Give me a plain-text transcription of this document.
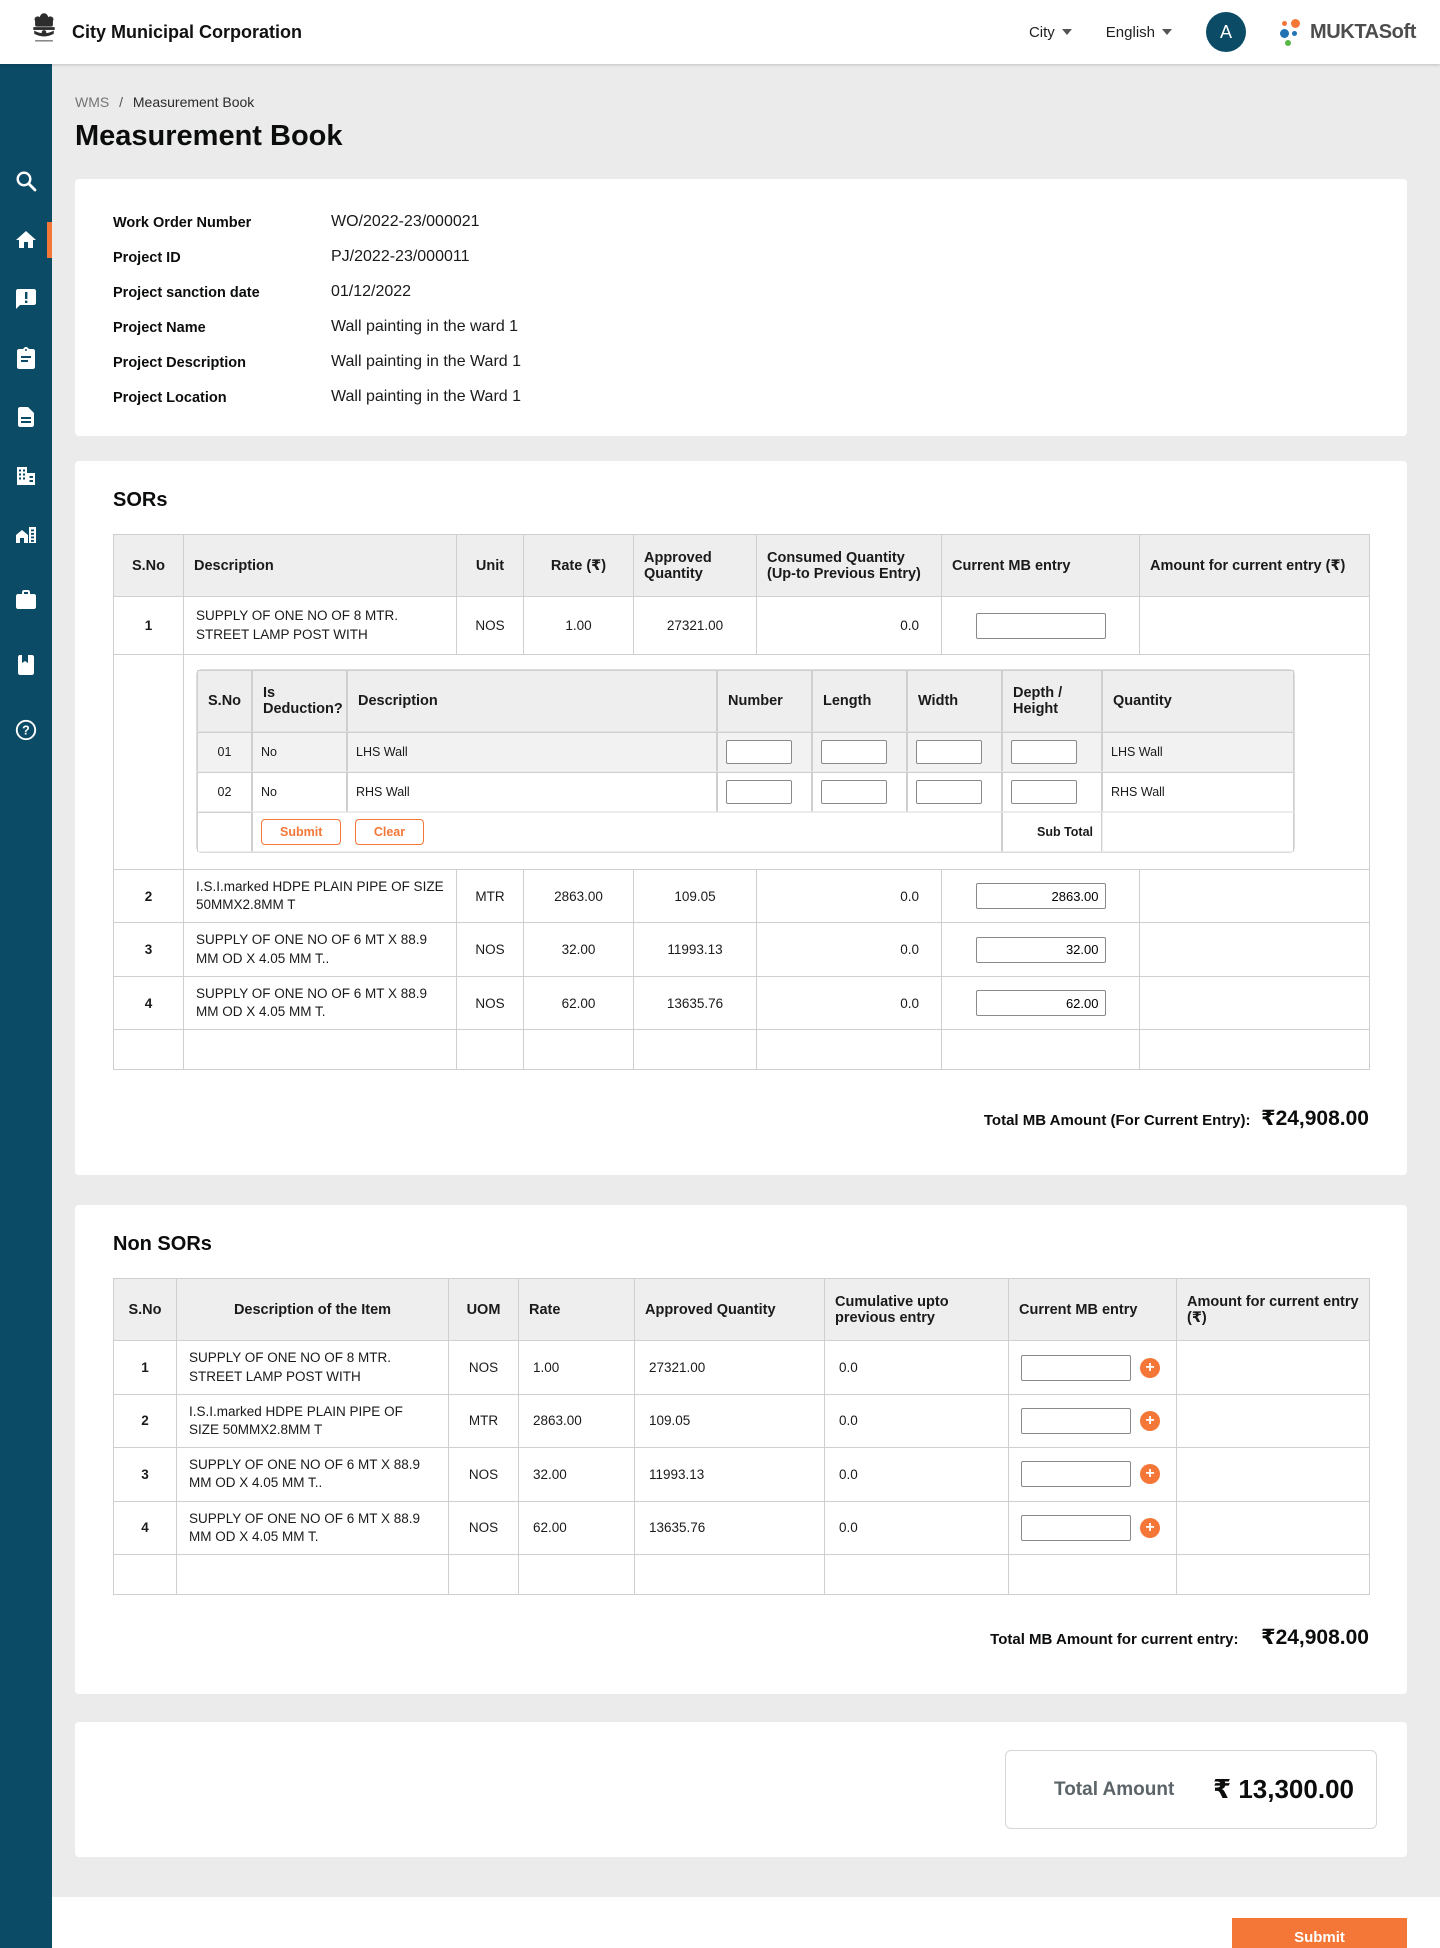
City Municipal Corporation	City	English	A	MUKTASoft
?
WMS / Measurement Book
Measurement Book
Work Order Number	WO/2022-23/000021
Project ID	PJ/2022-23/000011
Project sanction date	01/12/2022
Project Name	Wall painting in the ward 1
Project Description	Wall painting in the Ward 1
Project Location	Wall painting in the Ward 1
SORs
S.No	Description	Unit	Rate (₹)	Approved Quantity	Consumed Quantity (Up-to Previous Entry)	Current MB entry	Amount for current entry (₹)
1	SUPPLY OF ONE NO OF 8 MTR. STREET LAMP POST WITH	NOS	1.00	27321.00	0.0		

S.No	Is Deduction?	Description	Number	Length	Width	Depth / Height	Quantity
01	No	LHS Wall					LHS Wall
02	No	RHS Wall					RHS Wall
	Submit	Clear	Sub Total	

2	I.S.I.marked HDPE PLAIN PIPE OF SIZE 50MMX2.8MM T	MTR	2863.00	109.05	0.0	2863.00	
3	SUPPLY OF ONE NO OF 6 MT X 88.9 MM OD X 4.05 MM T..	NOS	32.00	11993.13	0.0	32.00	
4	SUPPLY OF ONE NO OF 6 MT X 88.9 MM OD X 4.05 MM T.	NOS	62.00	13635.76	0.0	62.00	

Total MB Amount (For Current Entry): ₹24,908.00
Non SORs
S.No	Description of the Item	UOM	Rate	Approved Quantity	Cumulative upto previous entry	Current MB entry	Amount for current entry (₹)
1	SUPPLY OF ONE NO OF 8 MTR. STREET LAMP POST WITH	NOS	1.00	27321.00	0.0	+	

2	I.S.I.marked HDPE PLAIN PIPE OF SIZE 50MMX2.8MM T	MTR	2863.00	109.05	0.0	+	

3	SUPPLY OF ONE NO OF 6 MT X 88.9 MM OD X 4.05 MM T..	NOS	32.00	11993.13	0.0	+	

4	SUPPLY OF ONE NO OF 6 MT X 88.9 MM OD X 4.05 MM T.	NOS	62.00	13635.76	0.0	+	

Total MB Amount for current entry: ₹24,908.00
Total Amount ₹ 13,300.00
Submit
